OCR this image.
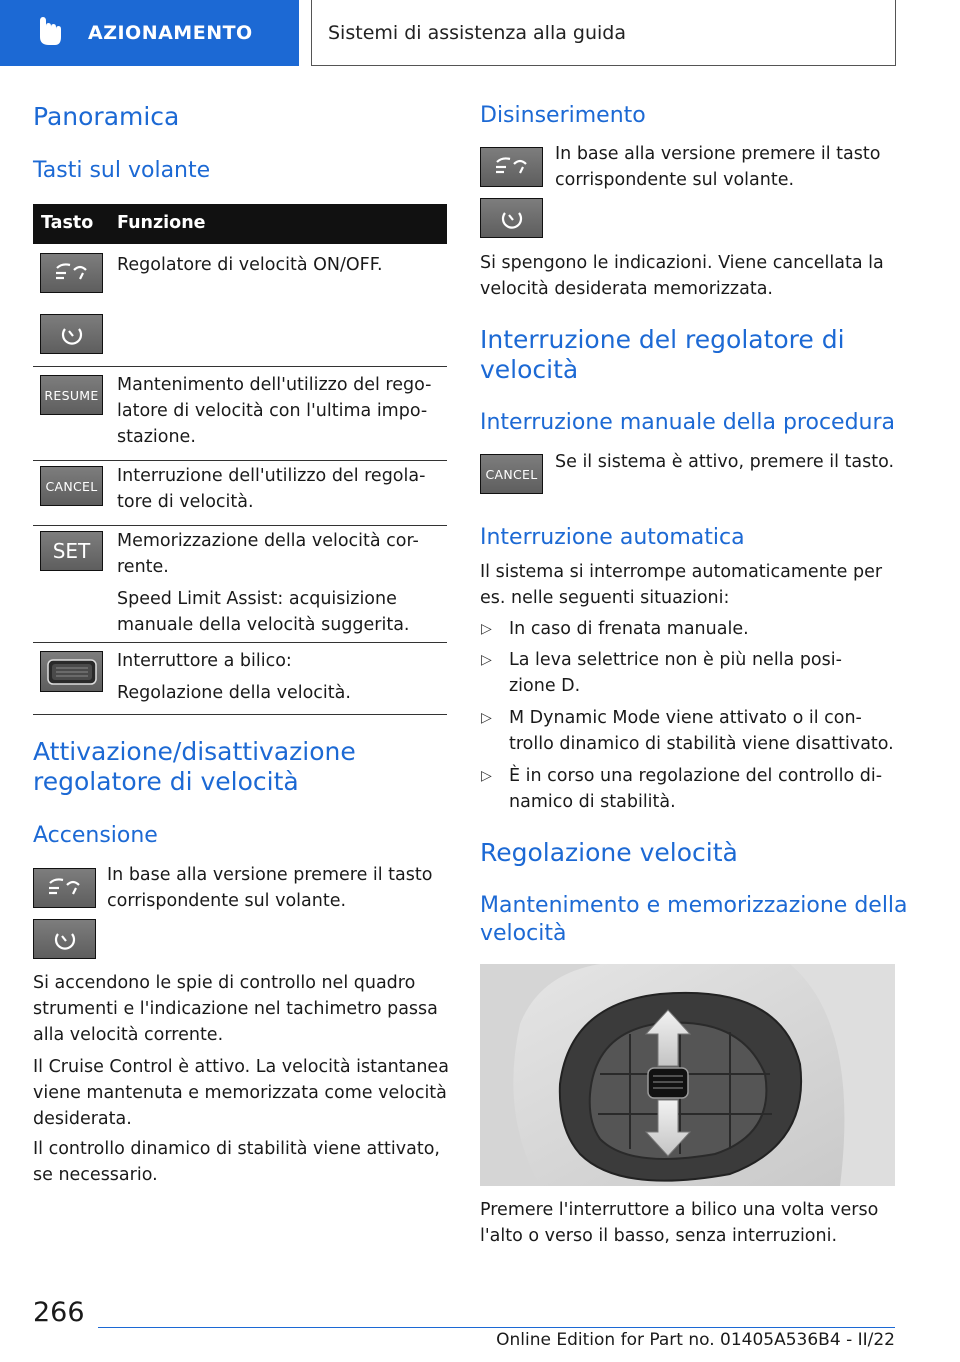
AZIONAMENTO	Sistemi di assistenza alla guida
Panoramica
Tasti sul volante
Tasto Funzione
Regolatore di velocità ON/OFF.
RESUME Mantenimento dell'utilizzo del rego-
latore di velocità con l'ultima impo-
stazione.
CANCEL Interruzione dell'utilizzo del regola-
tore di velocità.
SET Memorizzazione della velocità cor-
rente.
Speed Limit Assist: acquisizione
manuale della velocità suggerita.
Interruttore a bilico:
Regolazione della velocità.
Attivazione/disattivazione
regolatore di velocità
Accensione
In base alla versione premere il tasto
corrispondente sul volante.
Si accendono le spie di controllo nel quadro
strumenti e l'indicazione nel tachimetro passa
alla velocità corrente.
Il Cruise Control è attivo. La velocità istantanea
viene mantenuta e memorizzata come velocità
desiderata.
Il controllo dinamico di stabilità viene attivato,
se necessario.
Disinserimento
In base alla versione premere il tasto
corrispondente sul volante.
Si spengono le indicazioni. Viene cancellata la
velocità desiderata memorizzata.
Interruzione del regolatore di
velocità
Interruzione manuale della procedura
CANCEL
Se il sistema è attivo, premere il tasto.
Interruzione automatica
Il sistema si interrompe automaticamente per
es. nelle seguenti situazioni:
▷ In caso di frenata manuale.
▷ La leva selettrice non è più nella posi-
zione D.
▷ M Dynamic Mode viene attivato o il con-
trollo dinamico di stabilità viene disattivato.
▷ È in corso una regolazione del controllo di-
namico di stabilità.
Regolazione velocità
Mantenimento e memorizzazione della
velocità
Premere l'interruttore a bilico una volta verso
l'alto o verso il basso, senza interruzioni.
266
Online Edition for Part no. 01405A536B4 - II/22
